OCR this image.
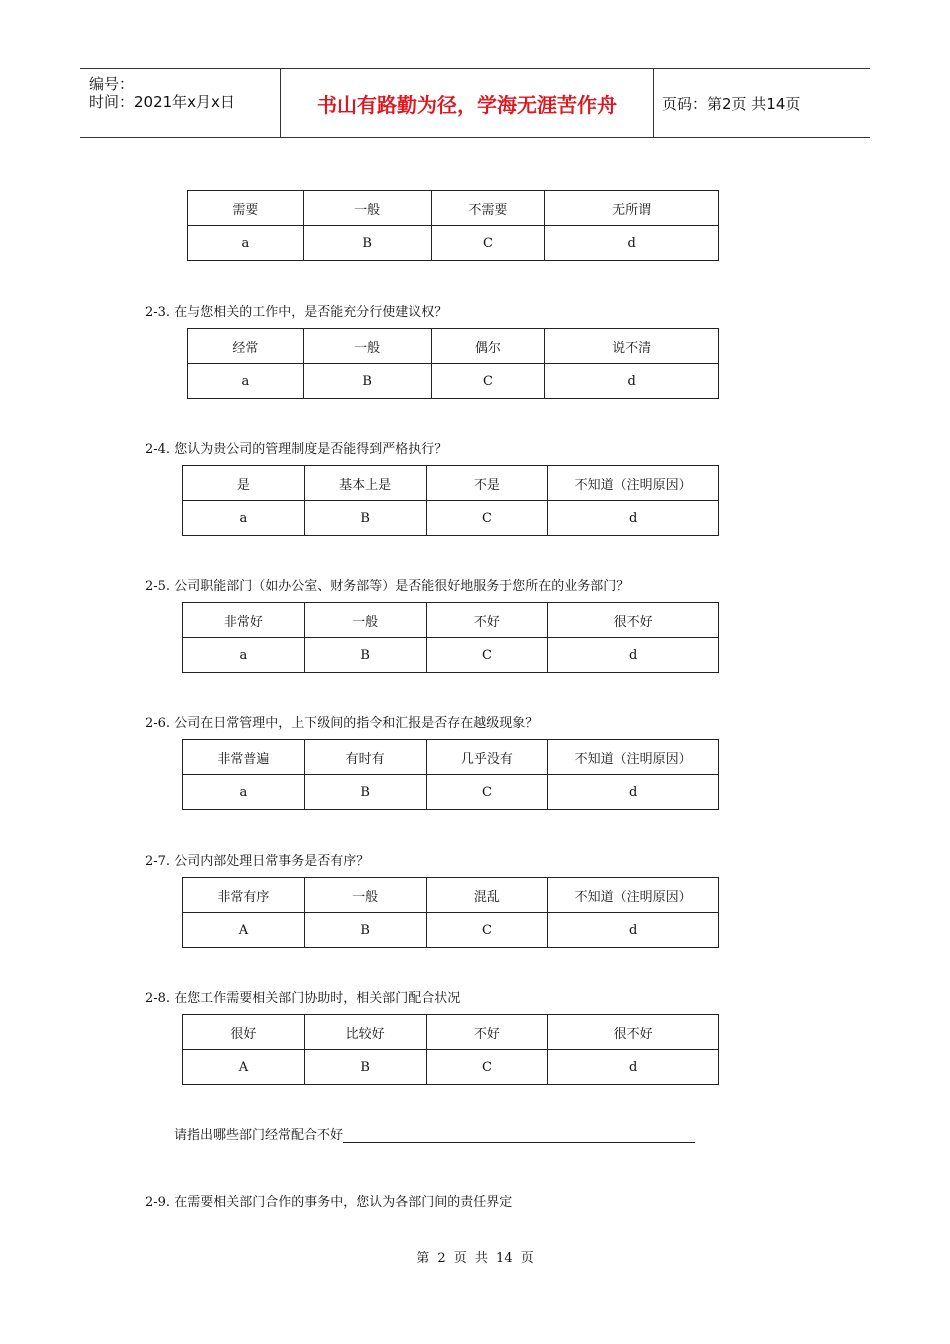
编号：
时间：2021年x月x日	书山有路勤为径，学海无涯苦作舟	页码：第2页 共14页
需要	一般	不需要	无所谓
a	B	C	d
2-3. 在与您相关的工作中，是否能充分行使建议权？
经常	一般	偶尔	说不清
a	B	C	d
2-4. 您认为贵公司的管理制度是否能得到严格执行？
是	基本上是	不是	不知道（注明原因）
a	B	C	d
2-5. 公司职能部门（如办公室、财务部等）是否能很好地服务于您所在的业务部门？
非常好	一般	不好	很不好
a	B	C	d
2-6. 公司在日常管理中，上下级间的指令和汇报是否存在越级现象？
非常普遍	有时有	几乎没有	不知道（注明原因）
a	B	C	d
2-7. 公司内部处理日常事务是否有序？
非常有序	一般	混乱	不知道（注明原因）
A	B	C	d
2-8. 在您工作需要相关部门协助时，相关部门配合状况
很好	比较好	不好	很不好
A	B	C	d
请指出哪些部门经常配合不好
2-9. 在需要相关部门合作的事务中，您认为各部门间的责任界定
第 2 页 共 14 页
